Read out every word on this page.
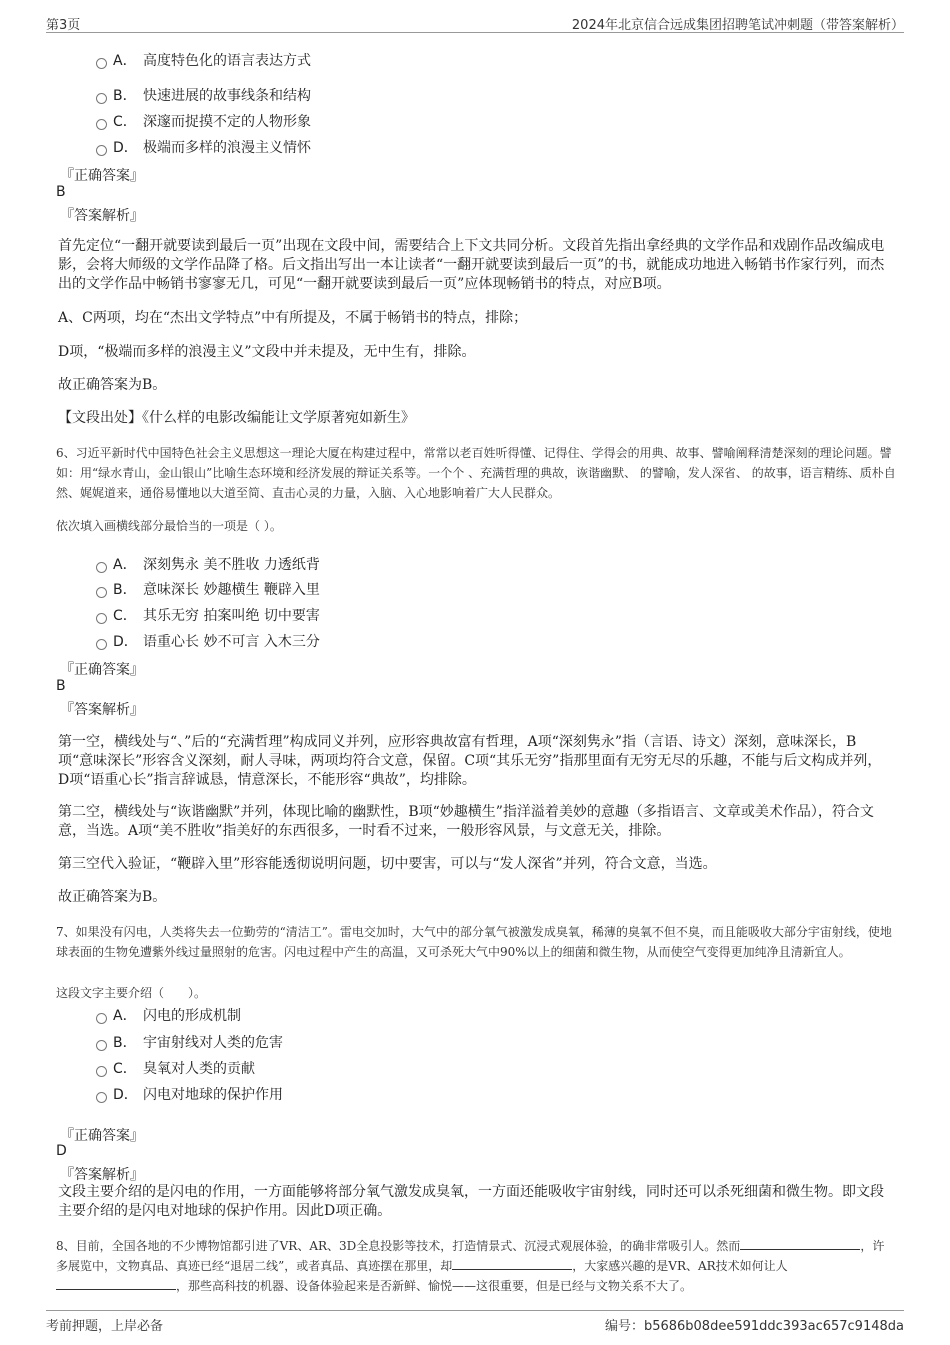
第3页	2024年北京信合远成集团招聘笔试冲刺题（带答案解析）
A． 高度特色化的语言表达方式
B． 快速进展的故事线条和结构
C． 深邃而捉摸不定的人物形象
D． 极端而多样的浪漫主义情怀
『正确答案』
B
『答案解析』
首先定位“一翻开就要读到最后一页”出现在文段中间，需要结合上下文共同分析。文段首先指出拿经典的文学作品和戏剧作品改编成电影，会将大师级的文学作品降了格。后文指出写出一本让读者“一翻开就要读到最后一页”的书，就能成功地进入畅销书作家行列，而杰出的文学作品中畅销书寥寥无几，可见“一翻开就要读到最后一页”应体现畅销书的特点，对应B项。
A、C两项，均在“杰出文学特点”中有所提及，不属于畅销书的特点，排除；
D项，“极端而多样的浪漫主义”文段中并未提及，无中生有，排除。
故正确答案为B。
【文段出处】《什么样的电影改编能让文学原著宛如新生》
6、习近平新时代中国特色社会主义思想这一理论大厦在构建过程中，常常以老百姓听得懂、记得住、学得会的用典、故事、譬喻阐释清楚深刻的理论问题。譬如：用“绿水青山，金山银山”比喻生态环境和经济发展的辩证关系等。一个个 、充满哲理的典故，诙谐幽默、 的譬喻，发人深省、 的故事，语言精练、质朴自然、娓娓道来，通俗易懂地以大道至简、直击心灵的力量，入脑、入心地影响着广大人民群众。
依次填入画横线部分最恰当的一项是（ ）。
A． 深刻隽永 美不胜收 力透纸背
B． 意味深长 妙趣横生 鞭辟入里
C． 其乐无穷 拍案叫绝 切中要害
D． 语重心长 妙不可言 入木三分
『正确答案』
B
『答案解析』
第一空，横线处与“、”后的“充满哲理”构成同义并列，应形容典故富有哲理，A项“深刻隽永”指（言语、诗文）深刻，意味深长，B项“意味深长”形容含义深刻，耐人寻味，两项均符合文意，保留。C项“其乐无穷”指那里面有无穷无尽的乐趣，不能与后文构成并列，D项“语重心长”指言辞诚恳，情意深长，不能形容“典故”，均排除。
第二空，横线处与“诙谐幽默”并列，体现比喻的幽默性，B项“妙趣横生”指洋溢着美妙的意趣（多指语言、文章或美术作品），符合文意，当选。A项“美不胜收”指美好的东西很多，一时看不过来，一般形容风景，与文意无关，排除。
第三空代入验证，“鞭辟入里”形容能透彻说明问题，切中要害，可以与“发人深省”并列，符合文意，当选。
故正确答案为B。
7、如果没有闪电，人类将失去一位勤劳的“清洁工”。雷电交加时，大气中的部分氧气被激发成臭氧，稀薄的臭氧不但不臭，而且能吸收大部分宇宙射线，使地球表面的生物免遭紫外线过量照射的危害。闪电过程中产生的高温，又可杀死大气中90%以上的细菌和微生物，从而使空气变得更加纯净且清新宜人。
这段文字主要介绍（　　）。
A． 闪电的形成机制
B． 宇宙射线对人类的危害
C． 臭氧对人类的贡献
D． 闪电对地球的保护作用
『正确答案』
D
『答案解析』
文段主要介绍的是闪电的作用，一方面能够将部分氧气激发成臭氧，一方面还能吸收宇宙射线，同时还可以杀死细菌和微生物。即文段主要介绍的是闪电对地球的保护作用。因此D项正确。
8、目前，全国各地的不少博物馆都引进了VR、AR、3D全息投影等技术，打造情景式、沉浸式观展体验，的确非常吸引人。然而	，许多展览中，文物真品、真迹已经“退居二线”，或者真品、真迹摆在那里，却	，大家感兴趣的是VR、AR技术如何让人，那些高科技的机器、设备体验起来是否新鲜、愉悦——这很重要，但是已经与文物关系不大了。
考前押题，上岸必备	编号：b5686b08dee591ddc393ac657c9148da
